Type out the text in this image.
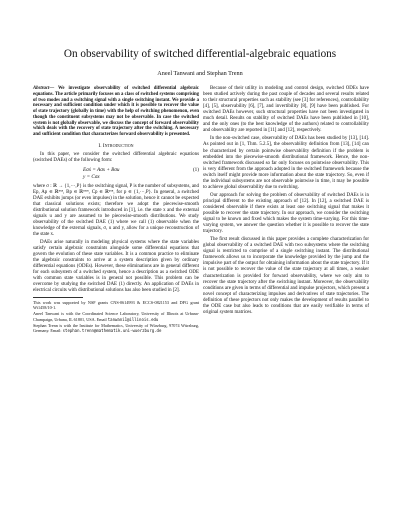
On observability of switched differential-algebraic equations
Aneel Tanwani and Stephan Trenn

Abstract— We investigate observability of switched differential algebraic equations. The article primarily focuses on a class of switched systems comprising of two modes and a switching signal with a single switching instant. We provide a necessary and sufficient condition under which it is possible to recover the value of state trajectory (globally in time) with the help of switching phenomenon, even though the constituent subsystems may not be observable. In case the switched system is not globally observable, we discuss the concept of forward observability which deals with the recovery of state trajectory after the switching. A necessary and sufficient condition that characterizes forward observability is presented.

I. Introduction

In this paper, we consider the switched differential algebraic equations (switched DAEs) of the following form:

Eσẋ = Aσx + Bσu	(1)
y = Cσx

where σ : ℝ → {1,···,P} is the switching signal, P is the number of subsystems, and Ep, Ap ∈ ℝⁿˣⁿ, Bp ∈ ℝⁿˣᵐ, Cp ∈ ℝᵖˣⁿ, for p ∈ {1,···,P}. In general, a switched DAE exhibits jumps (or even impulses) in the solution, hence it cannot be expected that classical solutions exists; therefore we adopt the piecewise-smooth distributional solution framework introduced in [1], i.e. the state x and the external signals u and y are assumed to be piecewise-smooth distributions. We study observability of the switched DAE (1) where we call (1) observable when the knowledge of the external signals, σ, u and y, allow for a unique reconstruction of the state x.

DAEs arise naturally in modeling physical systems where the state variables satisfy certain algebraic constraints alongside some differential equations that govern the evolution of these state variables. It is a common practice to eliminate the algebraic constraints to arrive at a system description given by ordinary differential equations (ODEs). However, these eliminations are in general different for each subsystem of a switched system, hence a description as a switched ODE with common state variables is in general not possible. This problem can be overcome by studying the switched DAE (1) directly. An application of DAEs in electrical circuits with distributional solutions has also been studied in [2].

This work was supported by NSF grants CNS-0614993 & ECCS-0821153 and DFG grant Wi1458/10-1.

Aneel Tanwani is with the Coordinated Science Laboratory, University of Illinois at Urbana-Champaign, Urbana, IL 61801, USA. Email tanwani1@illinois.edu

Stephan Trenn is with the Institute for Mathematics, University of Würzburg, 97074 Würzburg, Germany. Email: stephan.trenn@mathematik.uni-wuerzburg.de

Because of their utility in modeling and control design, switched ODEs have been studied actively during the past couple of decades and several results related to their structural properties such as stability (see [3] for references), controllability [4], [5], observability [6], [7], and invertibility [8], [9] have been published. For switched DAEs however, such structural properties have not been investigated in much detail. Results on stability of switched DAEs have been published in [10], and the only ones (to the best knowledge of the authors) related to controllability and observability are reported in [11] and [12], respectively.

In the non-switched case, observability of DAEs has been studied by [13], [14]. As pointed out in [1, Thm. 5.2.5], the observability definition from [13], [14] can be characterized by certain pointwise observability definition if the problem is embedded into the piecewise-smooth distributional framework. Hence, the non-switched framework discussed so far only focuses on pointwise observability. This is very different from the approach adopted in the switched framework because the switch itself might provide more information about the state trajectory. So, even if the individual subsystems are not observable pointwise in time, it may be possible to achieve global observability due to switching.

Our approach for solving the problem of observability of switched DAEs is in principal different to the existing approach of [12]. In [12], a switched DAE is considered observable if there exists at least one switching signal that makes it possible to recover the state trajectory. In our approach, we consider the switching signal to be known and fixed which makes the system time-varying. For this time-varying system, we answer the question whether it is possible to recover the state trajectory.

The first result discussed in this paper provides a complete characterization for global observability of a switched DAE with two subsystems where the switching signal is restricted to comprise of a single switching instant. The distributional framework allows us to incorporate the knowledge provided by the jump and the impulsive part of the output for obtaining information about the state trajectory. If it is not possible to recover the value of the state trajectory at all times, a weaker characterization is provided for forward observability, where we only aim to recover the state trajectory after the switching instant. Moreover, the observability conditions are given in terms of differential and impulse projectors, which present a novel concept of characterizing impulses and derivatives of state trajectories. The definition of these projectors not only makes the development of results parallel to the ODE case but also leads to conditions that are easily verifiable in terms of original system matrices.
